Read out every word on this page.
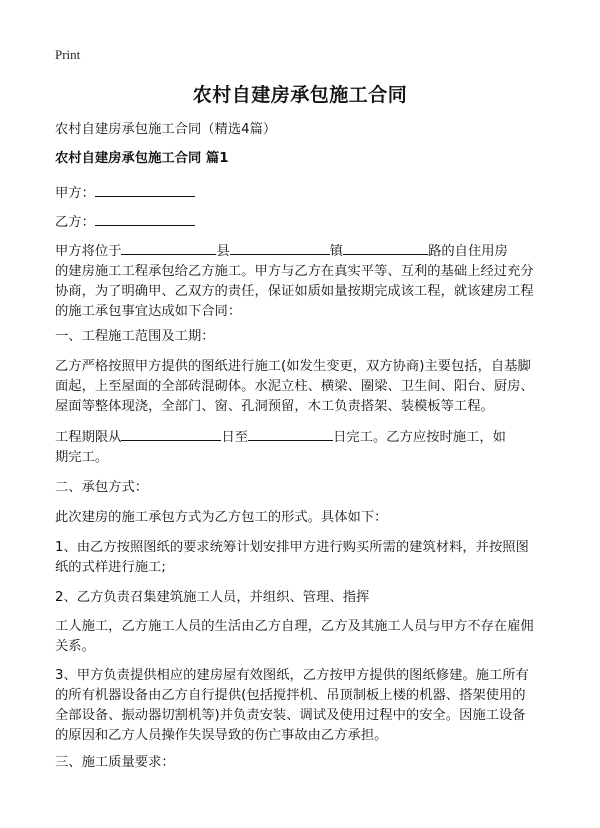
Print
农村自建房承包施工合同
农村自建房承包施工合同（精选4篇）
农村自建房承包施工合同 篇1
甲方：
乙方：
甲方将位于	县	镇	路的自住用房
的建房施工工程承包给乙方施工。甲方与乙方在真实平等、互利的基础上经过充分
协商，为了明确甲、乙双方的责任，保证如质如量按期完成该工程，就该建房工程
的施工承包事宜达成如下合同：
一、工程施工范围及工期：
乙方严格按照甲方提供的图纸进行施工(如发生变更，双方协商)主要包括，自基脚
面起，上至屋面的全部砖混砌体。水泥立柱、横梁、圈梁、卫生间、阳台、厨房、
屋面等整体现浇，全部门、窗、孔洞预留，木工负责搭架、装模板等工程。
工程期限从	日至	日完工。乙方应按时施工，如
期完工。
二、承包方式：
此次建房的施工承包方式为乙方包工的形式。具体如下：
1、由乙方按照图纸的要求统筹计划安排甲方进行购买所需的建筑材料，并按照图
纸的式样进行施工;
2、乙方负责召集建筑施工人员，并组织、管理、指挥
工人施工，乙方施工人员的生活由乙方自理，乙方及其施工人员与甲方不存在雇佣
关系。
3、甲方负责提供相应的建房屋有效图纸，乙方按甲方提供的图纸修建。施工所有
的所有机器设备由乙方自行提供(包括搅拌机、吊顶制板上楼的机器、搭架使用的
全部设备、振动器切割机等)并负责安装、调试及使用过程中的安全。因施工设备
的原因和乙方人员操作失误导致的伤亡事故由乙方承担。
三、施工质量要求：
